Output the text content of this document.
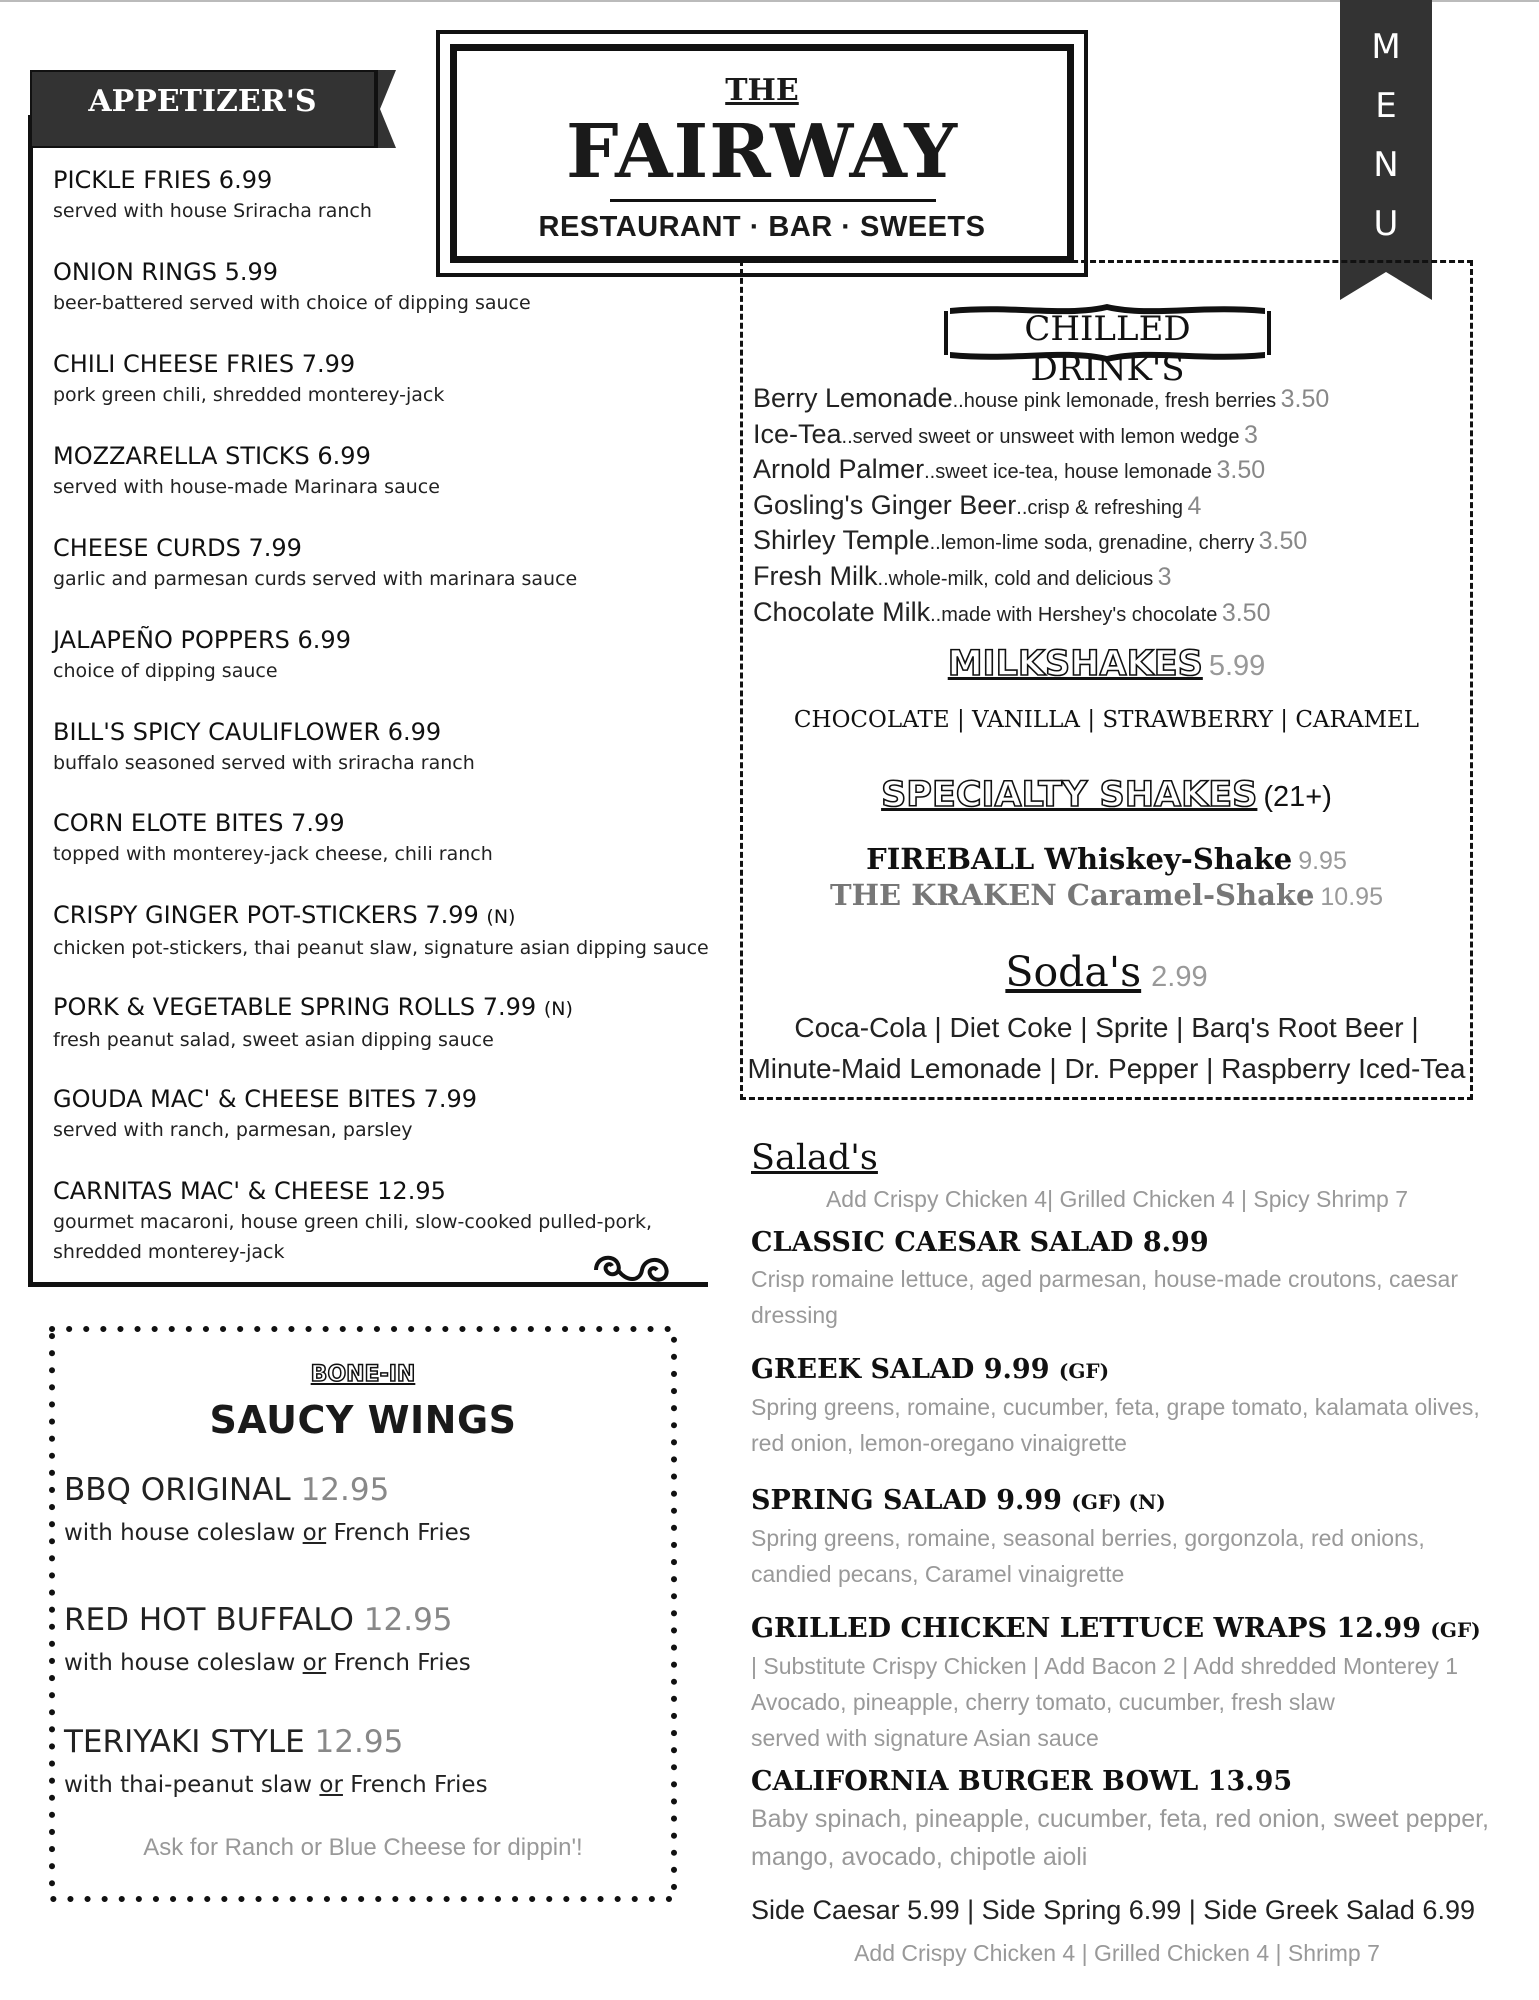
THE
FAIRWAY
RESTAURANT · BAR · SWEETS
M
E
N
U
APPETIZER'S
PICKLE FRIES 6.99
served with house Sriracha ranch
ONION RINGS 5.99
beer-battered served with choice of dipping sauce
CHILI CHEESE FRIES 7.99
pork green chili, shredded monterey-jack
MOZZARELLA STICKS 6.99
served with house-made Marinara sauce
CHEESE CURDS 7.99
garlic and parmesan curds served with marinara sauce
JALAPEÑO POPPERS 6.99
choice of dipping sauce
BILL'S SPICY CAULIFLOWER 6.99
buffalo seasoned served with sriracha ranch
CORN ELOTE BITES 7.99
topped with monterey-jack cheese, chili ranch
CRISPY GINGER POT-STICKERS 7.99 (N)
chicken pot-stickers, thai peanut slaw, signature asian dipping sauce
PORK & VEGETABLE SPRING ROLLS 7.99 (N)
fresh peanut salad, sweet asian dipping sauce
GOUDA MAC' & CHEESE BITES 7.99
served with ranch, parmesan, parsley
CARNITAS MAC' & CHEESE 12.95
gourmet macaroni, house green chili, slow-cooked pulled-pork,
shredded monterey-jack
BONE-IN
SAUCY WINGS
BBQ ORIGINAL 12.95
with house coleslaw or French Fries
RED HOT BUFFALO 12.95
with house coleslaw or French Fries
TERIYAKI STYLE 12.95
with thai-peanut slaw or French Fries
Ask for Ranch or Blue Cheese for dippin'!
CHILLED DRINK'S
Berry Lemonade..house pink lemonade, fresh berries 3.50
Ice-Tea..served sweet or unsweet with lemon wedge 3
Arnold Palmer..sweet ice-tea, house lemonade 3.50
Gosling's Ginger Beer..crisp & refreshing 4
Shirley Temple..lemon-lime soda, grenadine, cherry 3.50
Fresh Milk..whole-milk, cold and delicious 3
Chocolate Milk..made with Hershey's chocolate 3.50
MILKSHAKES 5.99
CHOCOLATE | VANILLA | STRAWBERRY | CARAMEL
SPECIALTY SHAKES (21+)
FIREBALL Whiskey-Shake 9.95
THE KRAKEN Caramel-Shake 10.95
Soda's 2.99
Coca-Cola | Diet Coke | Sprite | Barq's Root Beer |
Minute-Maid Lemonade | Dr. Pepper | Raspberry Iced-Tea
Salad's
Add Crispy Chicken 4| Grilled Chicken 4 | Spicy Shrimp 7
CLASSIC CAESAR SALAD 8.99
Crisp romaine lettuce, aged parmesan, house-made croutons, caesar
dressing
GREEK SALAD 9.99 (GF)
Spring greens, romaine, cucumber, feta, grape tomato, kalamata olives,
red onion, lemon-oregano vinaigrette
SPRING SALAD 9.99 (GF) (N)
Spring greens, romaine, seasonal berries, gorgonzola, red onions,
candied pecans, Caramel vinaigrette
GRILLED CHICKEN LETTUCE WRAPS 12.99 (GF)
| Substitute Crispy Chicken | Add Bacon 2 | Add shredded Monterey 1
Avocado, pineapple, cherry tomato, cucumber, fresh slaw
served with signature Asian sauce
CALIFORNIA BURGER BOWL 13.95
Baby spinach, pineapple, cucumber, feta, red onion, sweet pepper,
mango, avocado, chipotle aioli
Side Caesar 5.99 | Side Spring 6.99 | Side Greek Salad 6.99
Add Crispy Chicken 4 | Grilled Chicken 4 | Shrimp 7
